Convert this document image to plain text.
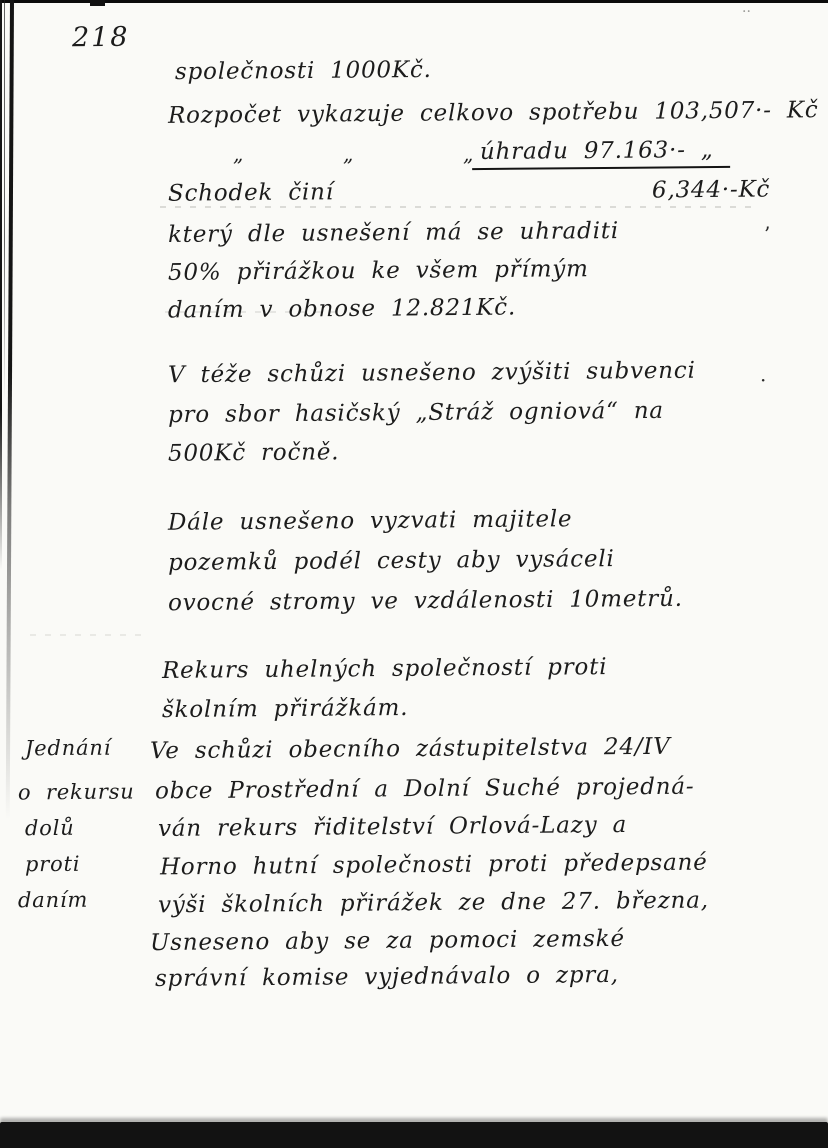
218
společnosti 1000Kč.
Rozpočet vykazuje celkovo spotřebu 103,507·- Kč
„	„	„ úhradu 97.163·- „
Schodek činí	6,344·-Kč
který dle usnešení má se uhraditi
50% přirážkou ke všem přímým
daním v obnose 12.821Kč.
V téže schůzi usnešeno zvýšiti subvenci
pro sbor hasičský „Stráž ogniová“ na
500Kč ročně.
Dále usnešeno vyzvati majitele
pozemků podél cesty aby vysáceli
ovocné stromy ve vzdálenosti 10metrů.
Rekurs uhelných společností proti
školním přirážkám.
Jednání
o rekursu
dolů
proti
daním
Ve schůzi obecního zástupitelstva 24/IV
obce Prostřední a Dolní Suché projedná-
ván rekurs řiditelství Orlová-Lazy a
Horno hutní společnosti proti předepsané
výši školních přirážek ze dne 27. března,
Usneseno aby se za pomoci zemské
správní komise vyjednávalo o zpra,
’
·
··
